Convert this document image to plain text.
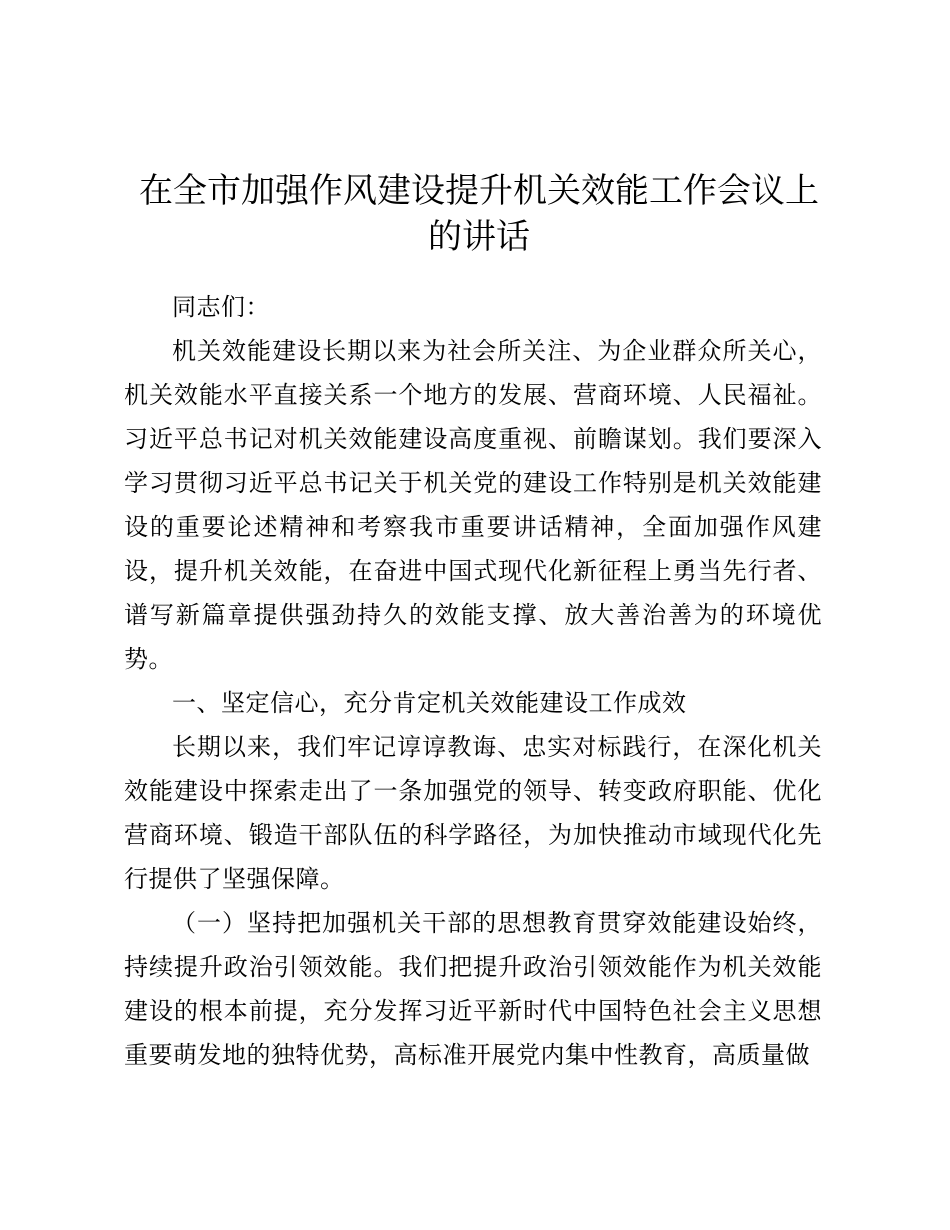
在全市加强作风建设提升机关效能工作会议上的讲话

同志们：

机关效能建设长期以来为社会所关注、为企业群众所关心，机关效能水平直接关系一个地方的发展、营商环境、人民福祉。习近平总书记对机关效能建设高度重视、前瞻谋划。我们要深入学习贯彻习近平总书记关于机关党的建设工作特别是机关效能建设的重要论述精神和考察我市重要讲话精神，全面加强作风建设，提升机关效能，在奋进中国式现代化新征程上勇当先行者、谱写新篇章提供强劲持久的效能支撑、放大善治善为的环境优势。

一、坚定信心，充分肯定机关效能建设工作成效

长期以来，我们牢记谆谆教诲、忠实对标践行，在深化机关效能建设中探索走出了一条加强党的领导、转变政府职能、优化营商环境、锻造干部队伍的科学路径，为加快推动市域现代化先行提供了坚强保障。

（一）坚持把加强机关干部的思想教育贯穿效能建设始终，持续提升政治引领效能。我们把提升政治引领效能作为机关效能建设的根本前提，充分发挥习近平新时代中国特色社会主义思想重要萌发地的独特优势，高标准开展党内集中性教育，高质量做
